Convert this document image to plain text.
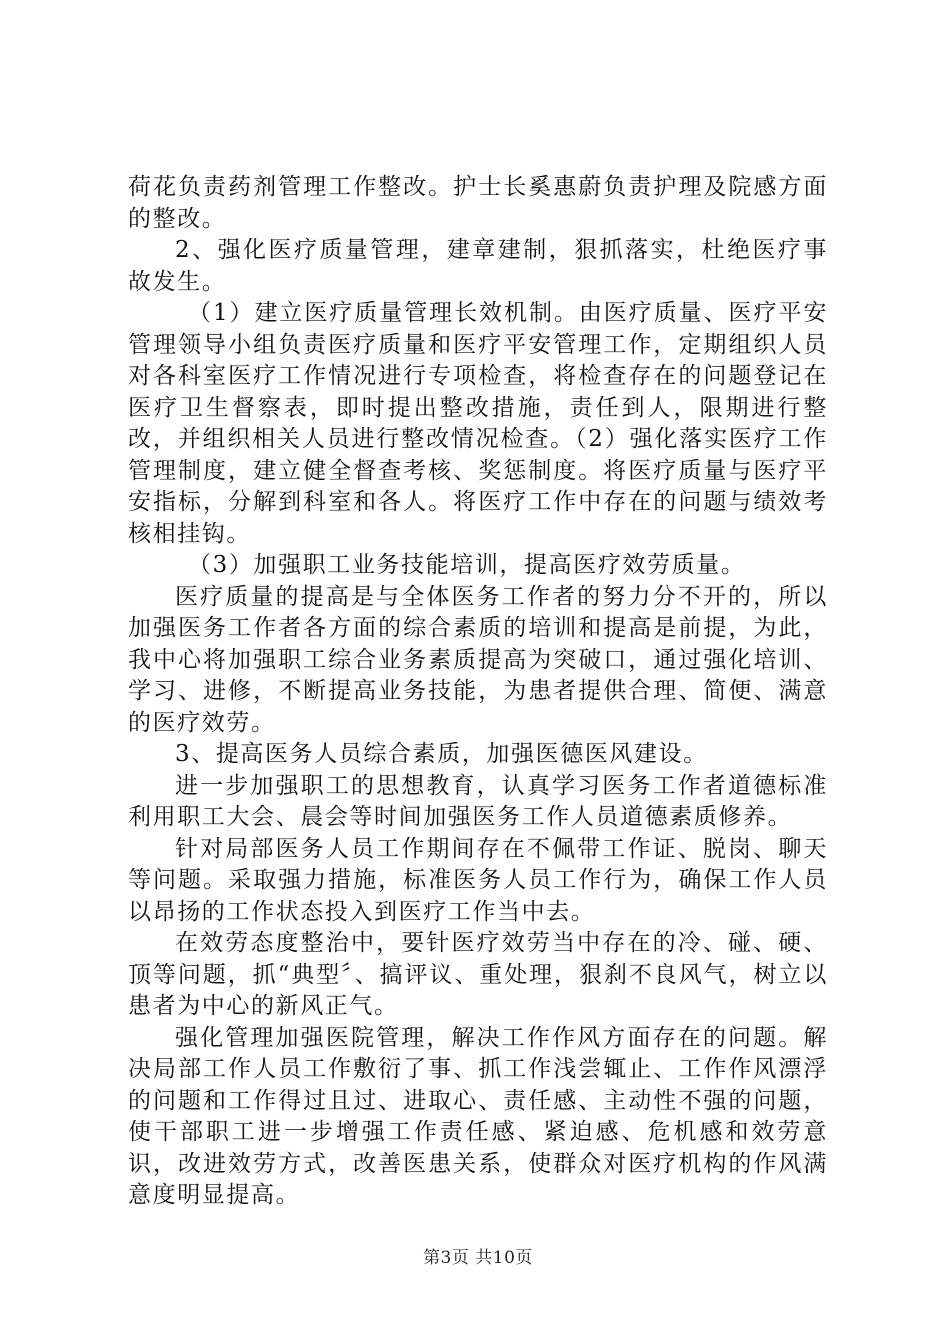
荷花负责药剂管理工作整改。护士长奚惠蔚负责护理及院感方面的整改。

2、强化医疗质量管理，建章建制，狠抓落实，杜绝医疗事故发生。

（1）建立医疗质量管理长效机制。由医疗质量、医疗平安管理领导小组负责医疗质量和医疗平安管理工作，定期组织人员对各科室医疗工作情况进行专项检查，将检查存在的问题登记在医疗卫生督察表，即时提出整改措施，责任到人，限期进行整改，并组织相关人员进行整改情况检查。（2）强化落实医疗工作管理制度，建立健全督查考核、奖惩制度。将医疗质量与医疗平安指标，分解到科室和各人。将医疗工作中存在的问题与绩效考核相挂钩。

（3）加强职工业务技能培训，提高医疗效劳质量。

医疗质量的提高是与全体医务工作者的努力分不开的，所以加强医务工作者各方面的综合素质的培训和提高是前提，为此，我中心将加强职工综合业务素质提高为突破口，通过强化培训、学习、进修，不断提高业务技能，为患者提供合理、简便、满意的医疗效劳。

3、提高医务人员综合素质，加强医德医风建设。

进一步加强职工的思想教育，认真学习医务工作者道德标准利用职工大会、晨会等时间加强医务工作人员道德素质修养。

针对局部医务人员工作期间存在不佩带工作证、脱岗、聊天等问题。采取强力措施，标准医务人员工作行为，确保工作人员以昂扬的工作状态投入到医疗工作当中去。

在效劳态度整治中，要针医疗效劳当中存在的冷、碰、硬、顶等问题，抓“典型〞、搞评议、重处理，狠刹不良风气，树立以患者为中心的新风正气。

强化管理加强医院管理，解决工作作风方面存在的问题。解决局部工作人员工作敷衍了事、抓工作浅尝辄止、工作作风漂浮的问题和工作得过且过、进取心、责任感、主动性不强的问题，使干部职工进一步增强工作责任感、紧迫感、危机感和效劳意识，改进效劳方式，改善医患关系，使群众对医疗机构的作风满意度明显提高。

第3页 共10页
